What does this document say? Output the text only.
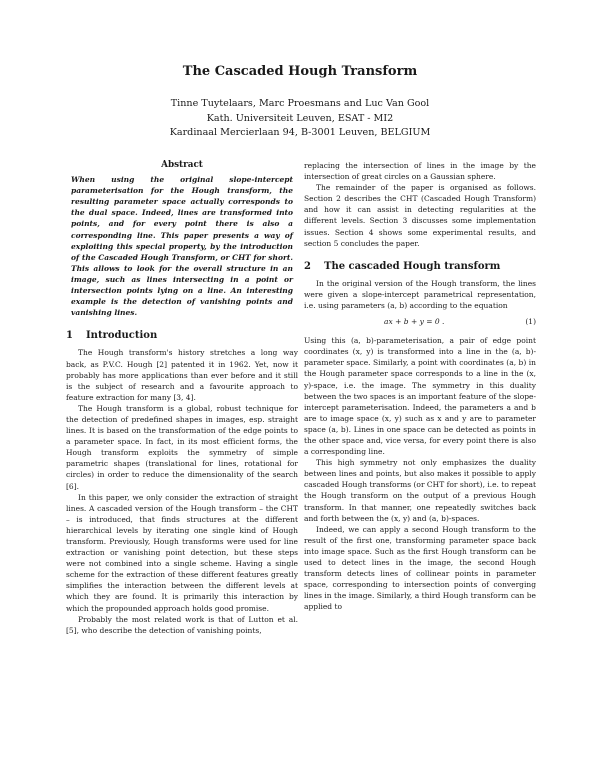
The Cascaded Hough Transform
Tinne Tuytelaars, Marc Proesmans and Luc Van Gool
Kath. Universiteit Leuven, ESAT - MI2
Kardinaal Mercierlaan 94, B-3001 Leuven, BELGIUM
Abstract
When using the original slope-intercept parameterisation for the Hough transform, the resulting parameter space actually corresponds to the dual space. Indeed, lines are transformed into points, and for every point there is also a corresponding line. This paper presents a way of exploiting this special property, by the introduction of the Cascaded Hough Transform, or CHT for short. This allows to look for the overall structure in an image, such as lines intersecting in a point or intersection points lying on a line. An interesting example is the detection of vanishing points and vanishing lines.
1 Introduction

The Hough transform's history stretches a long way back, as P.V.C. Hough [2] patented it in 1962. Yet, now it probably has more applications than ever before and it still is the subject of research and a favourite approach to feature extraction for many [3, 4].

The Hough transform is a global, robust technique for the detection of predefined shapes in images, esp. straight lines. It is based on the transformation of the edge points to a parameter space. In fact, in its most efficient forms, the Hough transform exploits the symmetry of simple parametric shapes (translational for lines, rotational for circles) in order to reduce the dimensionality of the search [6].

In this paper, we only consider the extraction of straight lines. A cascaded version of the Hough transform – the CHT – is introduced, that finds structures at the different hierarchical levels by iterating one single kind of Hough transform. Previously, Hough transforms were used for line extraction or vanishing point detection, but these steps were not combined into a single scheme. Having a single scheme for the extraction of these different features greatly simplifies the interaction between the different levels at which they are found. It is primarily this interaction by which the propounded approach holds good promise.

Probably the most related work is that of Lutton et al. [5], who describe the detection of vanishing points,

replacing the intersection of lines in the image by the intersection of great circles on a Gaussian sphere.

The remainder of the paper is organised as follows. Section 2 describes the CHT (Cascaded Hough Transform) and how it can assist in detecting regularities at the different levels. Section 3 discusses some implementation issues. Section 4 shows some experimental results, and section 5 concludes the paper.

2 The cascaded Hough transform

In the original version of the Hough transform, the lines were given a slope-intercept parametrical representation, i.e. using parameters (a, b) according to the equation

ax + b + y = 0 .	(1)

Using this (a, b)-parameterisation, a pair of edge point coordinates (x, y) is transformed into a line in the (a, b)-parameter space. Similarly, a point with coordinates (a, b) in the Hough parameter space corresponds to a line in the (x, y)-space, i.e. the image. The symmetry in this duality between the two spaces is an important feature of the slope-intercept parameterisation. Indeed, the parameters a and b are to image space (x, y) such as x and y are to parameter space (a, b). Lines in one space can be detected as points in the other space and, vice versa, for every point there is also a corresponding line.

This high symmetry not only emphasizes the duality between lines and points, but also makes it possible to apply cascaded Hough transforms (or CHT for short), i.e. to repeat the Hough transform on the output of a previous Hough transform. In that manner, one repeatedly switches back and forth between the (x, y) and (a, b)-spaces.

Indeed, we can apply a second Hough transform to the result of the first one, transforming parameter space back into image space. Such as the first Hough transform can be used to detect lines in the image, the second Hough transform detects lines of collinear points in parameter space, corresponding to intersection points of converging lines in the image. Similarly, a third Hough transform can be applied to
